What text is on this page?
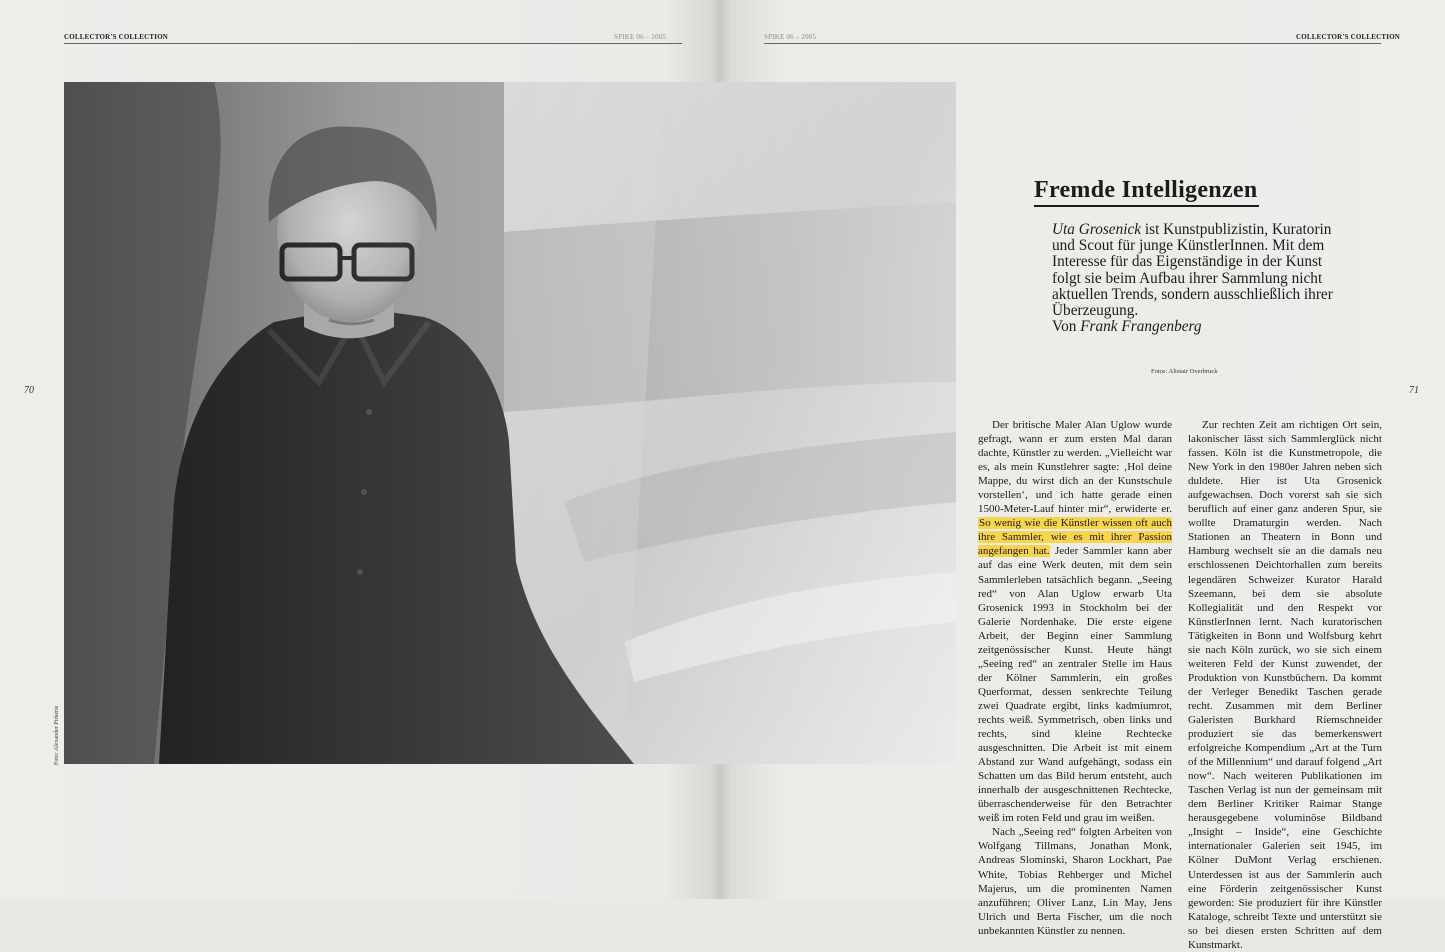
COLLECTOR'S COLLECTION	SPIKE 06 – 2005	SPIKE 06 – 2005	COLLECTOR'S COLLECTION
70	71
Foto: Alexander Pirkerie
Fremde Intelligenzen

Uta Grosenick ist Kunstpublizistin, Kuratorin und Scout für junge KünstlerInnen. Mit dem Interesse für das Eigenständige in der Kunst folgt sie beim Aufbau ihrer Sammlung nicht aktuellen Trends, sondern ausschließlich ihrer Überzeugung.

Von Frank Frangenberg

Fotos: Alistair Overbruck

Der britische Maler Alan Uglow wurde gefragt, wann er zum ersten Mal daran dachte, Künstler zu werden. „Vielleicht war es, als mein Kunstlehrer sagte: ‚Hol deine Mappe, du wirst dich an der Kunstschule vorstellen‘, und ich hatte gerade einen 1500-Meter-Lauf hinter mir“, erwiderte er. So wenig wie die Künstler wissen oft auch ihre Sammler, wie es mit ihrer Passion angefangen hat. Jeder Sammler kann aber auf das eine Werk deuten, mit dem sein Sammlerleben tatsächlich begann. „Seeing red“ von Alan Uglow erwarb Uta Grosenick 1993 in Stockholm bei der Galerie Nordenhake. Die erste eigene Arbeit, der Beginn einer Sammlung zeitgenössischer Kunst. Heute hängt „Seeing red“ an zentraler Stelle im Haus der Kölner Sammlerin, ein großes Querformat, dessen senkrechte Teilung zwei Quadrate ergibt, links kadmiumrot, rechts weiß. Symmetrisch, oben links und rechts, sind kleine Rechtecke ausgeschnitten. Die Arbeit ist mit einem Abstand zur Wand aufgehängt, sodass ein Schatten um das Bild herum entsteht, auch innerhalb der ausgeschnittenen Rechtecke, überraschenderweise für den Betrachter weiß im roten Feld und grau im weißen.

Nach „Seeing red“ folgten Arbeiten von Wolfgang Tillmans, Jonathan Monk, Andreas Slominski, Sharon Lockhart, Pae White, Tobias Rehberger und Michel Majerus, um die prominenten Namen anzuführen; Oliver Lanz, Lin May, Jens Ulrich und Berta Fischer, um die noch unbekannten Künstler zu nennen.

Zur rechten Zeit am richtigen Ort sein, lakonischer lässt sich Sammlerglück nicht fassen. Köln ist die Kunstmetropole, die New York in den 1980er Jahren neben sich duldete. Hier ist Uta Grosenick aufgewachsen. Doch vorerst sah sie sich beruflich auf einer ganz anderen Spur, sie wollte Dramaturgin werden. Nach Stationen an Theatern in Bonn und Hamburg wechselt sie an die damals neu erschlossenen Deichtorhallen zum bereits legendären Schweizer Kurator Harald Szeemann, bei dem sie absolute Kollegialität und den Respekt vor KünstlerInnen lernt. Nach kuratorischen Tätigkeiten in Bonn und Wolfsburg kehrt sie nach Köln zurück, wo sie sich einem weiteren Feld der Kunst zuwendet, der Produktion von Kunstbüchern. Da kommt der Verleger Benedikt Taschen gerade recht. Zusammen mit dem Berliner Galeristen Burkhard Riemschneider produziert sie das bemerkenswert erfolgreiche Kompendium „Art at the Turn of the Millennium“ und darauf folgend „Art now“. Nach weiteren Publikationen im Taschen Verlag ist nun der gemeinsam mit dem Berliner Kritiker Raimar Stange herausgegebene voluminöse Bildband „Insight – Inside“, eine Geschichte internationaler Galerien seit 1945, im Kölner DuMont Verlag erschienen. Unterdessen ist aus der Sammlerin auch eine Förderin zeitgenössischer Kunst geworden: Sie produziert für ihre Künstler Kataloge, schreibt Texte und unterstützt sie so bei diesen ersten Schritten auf dem Kunstmarkt.
